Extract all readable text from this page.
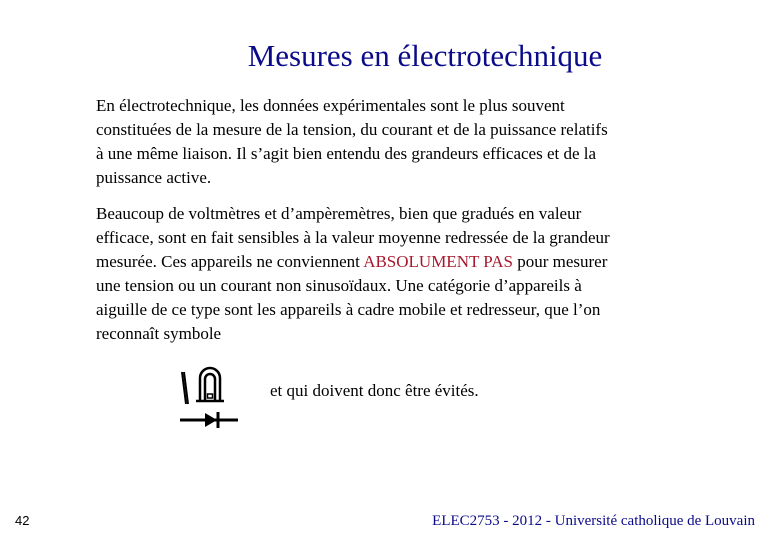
Mesures en électrotechnique
En électrotechnique, les données expérimentales sont le plus souvent
constituées de la mesure de la tension, du courant et de la puissance relatifs
à une même liaison. Il s’agit bien entendu des grandeurs efficaces et de la
puissance active.
Beaucoup de voltmètres et d’ampèremètres, bien que gradués en valeur
efficace, sont en fait sensibles à la valeur moyenne redressée de la grandeur
mesurée. Ces appareils ne conviennent ABSOLUMENT PAS pour mesurer
une tension ou un courant non sinusoïdaux. Une catégorie d’appareils à
aiguille de ce type sont les appareils à cadre mobile et redresseur, que l’on
reconnaît symbole
et qui doivent donc être évités.
42	ELEC2753 - 2012 - Université catholique de Louvain
